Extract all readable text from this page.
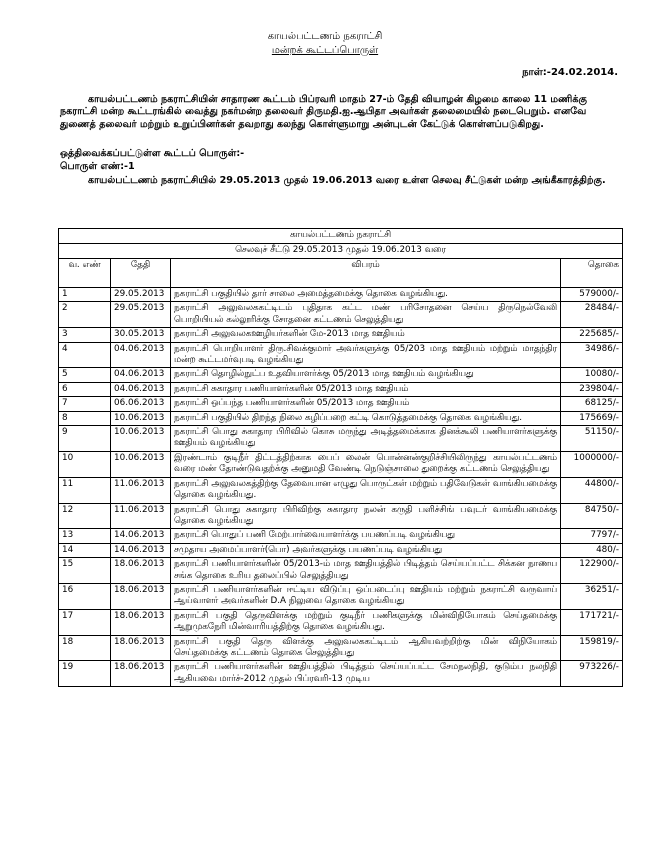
காயல்பட்டணம் நகராட்சி
மன்றக் கூட்டப்பொருள்
நாள்:-24.02.2014.
காயல்பட்டணம் நகராட்சியின் சாதாரண கூட்டம் பிப்ரவரி மாதம் 27-ம் தேதி வியாழன் கிழமை காலை 11 மணிக்கு நகராட்சி மன்ற கூட்டரங்கில் வைத்து நகர்மன்ற தலைவர் திருமதி.ஐ.ஆபிதா அவர்கள் தலைமையில் நடைபெறும். எனவே துணைத் தலைவர் மற்றும் உறுப்பினர்கள் தவறாது கலந்து கொள்ளுமாறு அன்புடன் கேட்டுக் கொள்ளப்படுகிறது.
ஒத்திவைக்கப்பட்டுள்ள கூட்டப் பொருள்:-
பொருள் எண்:-1
காயல்பட்டணம் நகராட்சியில் 29.05.2013 முதல் 19.06.2013 வரை உள்ள செலவு சீட்டுகள் மன்ற அங்கீகாரத்திற்கு.
காயல்பட்டணம் நகராட்சி			
செலவுச் சீட்டு 29.05.2013 முதல் 19.06.2013 வரை			
வ. எண்	தேதி	விபரம்	தொகை
1	29.05.2013	நகராட்சி பகுதியில் தார் சாலை அமைத்தமைக்கு தொகை வழங்கியது.	579000/-
2	29.05.2013	நகராட்சி அலுவலககட்டிடம் புதிதாக கட்ட மண் பரிசோதனை செய்ய திருநெல்வேலி பொறியியல் கல்லூரிக்கு சோதனை கட்டணம் செலுத்தியது	28484/-
3	30.05.2013	நகராட்சி அலுவலகஊழியர்களின் மே-2013 மாத ஊதியம்	225685/-
4	04.06.2013	நகராட்சி பொறியாளர் திரு.சிவக்குமார் அவர்களுக்கு 05/203 மாத ஊதியம் மற்றும் மாதந்திர மன்ற கூட்டமர்வுபடி வழங்கியது	34986/-
5	04.06.2013	நகராட்சி தொழில்நுட்ப உதவியாளர்க்கு 05/2013 மாத ஊதியம் வழங்கியது	10080/-
6	04.06.2013	நகராட்சி சுகாதார பணியாளர்களின் 05/2013 மாத ஊதியம்	239804/-
7	06.06.2013	நகராட்சி ஒப்பந்த பணியாளர்களின் 05/2013 மாத ஊதியம்	68125/-
8	10.06.2013	நகராட்சி பகுதியில் திறந்த நிலை கழிப்பறை கட்டி கொடுத்தமைக்கு தொகை வழங்கியது.	175669/-
9	10.06.2013	நகராட்சி பொது சுகாதார பிரிவில் கொசு மருந்து அடித்தமைக்காக தினக்கூலி பணியாளர்களுக்கு ஊதியம் வழங்கியது	51150/-
10	10.06.2013	இரண்டாம் குடிநீர் திட்டத்திற்காக பைப் லைன் பொன்னன்குறிச்சியிலிருந்து காயல்பட்டணம் வரை மண் தோண்டுவதற்க்கு அனுமதி வேண்டி நெடுஞ்சாலை துறைக்கு கட்டணம் செலுத்தியது	1000000/-
11	11.06.2013	நகராட்சி அலுவலகத்திற்கு தேவையான எழுது பொருட்கள் மற்றும் பதிவேடுகள் வாங்கியமைக்கு தொகை வழங்கியது.	44800/-
12	11.06.2013	நகராட்சி பொது சுகாதார பிரிவிற்கு சுகாதார நலன் கருதி பளிச்சிங் பவுடர் வாங்கியமைக்கு தொகை வழங்கியது	84750/-
13	14.06.2013	நகராட்சி பொதுப் பணி மேற்பார்வையாளர்க்கு பயணப்படி வழங்கியது	7797/-
14	14.06.2013	சமுதாய அமைப்பாளர்(பொ) அவர்களுக்கு பயணப்படி வழங்கியது	480/-
15	18.06.2013	நகராட்சி பணியாளர்களின் 05/2013-ம் மாத ஊதியத்தில் பிடித்தம் செய்யப்பட்ட சிக்கன நாணய சங்க தொகை உரிய தலைப்பில் செலுத்தியது	122900/-
16	18.06.2013	நகராட்சி பணியாளர்களின் ஈட்டிய விடுப்பு ஒப்படைப்பு ஊதியம் மற்றும் நகராட்சி வருவாய் ஆய்வாளர் அவர்களின் D.A நிலுவை தொகை வழங்கியது	36251/-
17	18.06.2013	நகராட்சி பகுதி தெருவிளக்கு மற்றும் குடிநீர் பணிகளுக்கு மின்விநியோகம் செய்தமைக்கு ஆறுமுகநேரி மின்வாரியத்திற்கு தொகை வழங்கியது.	171721/-
18	18.06.2013	நகராட்சி பகுதி தெரு விளக்கு அலுவலககட்டிடம் ஆகியவற்றிற்கு மின் விநியோகம் செய்தமைக்கு கட்டணம் தொகை செலுத்தியது	159819/-
19	18.06.2013	நகராட்சி பணியாளர்களின் ஊதியத்தில் பிடித்தம் செய்யப்பட்ட சேமநலநிதி, குடும்ப நலநிதி ஆகியவை மார்ச்-2012 முதல் பிப்ரவரி-13 முடிய	973226/-
